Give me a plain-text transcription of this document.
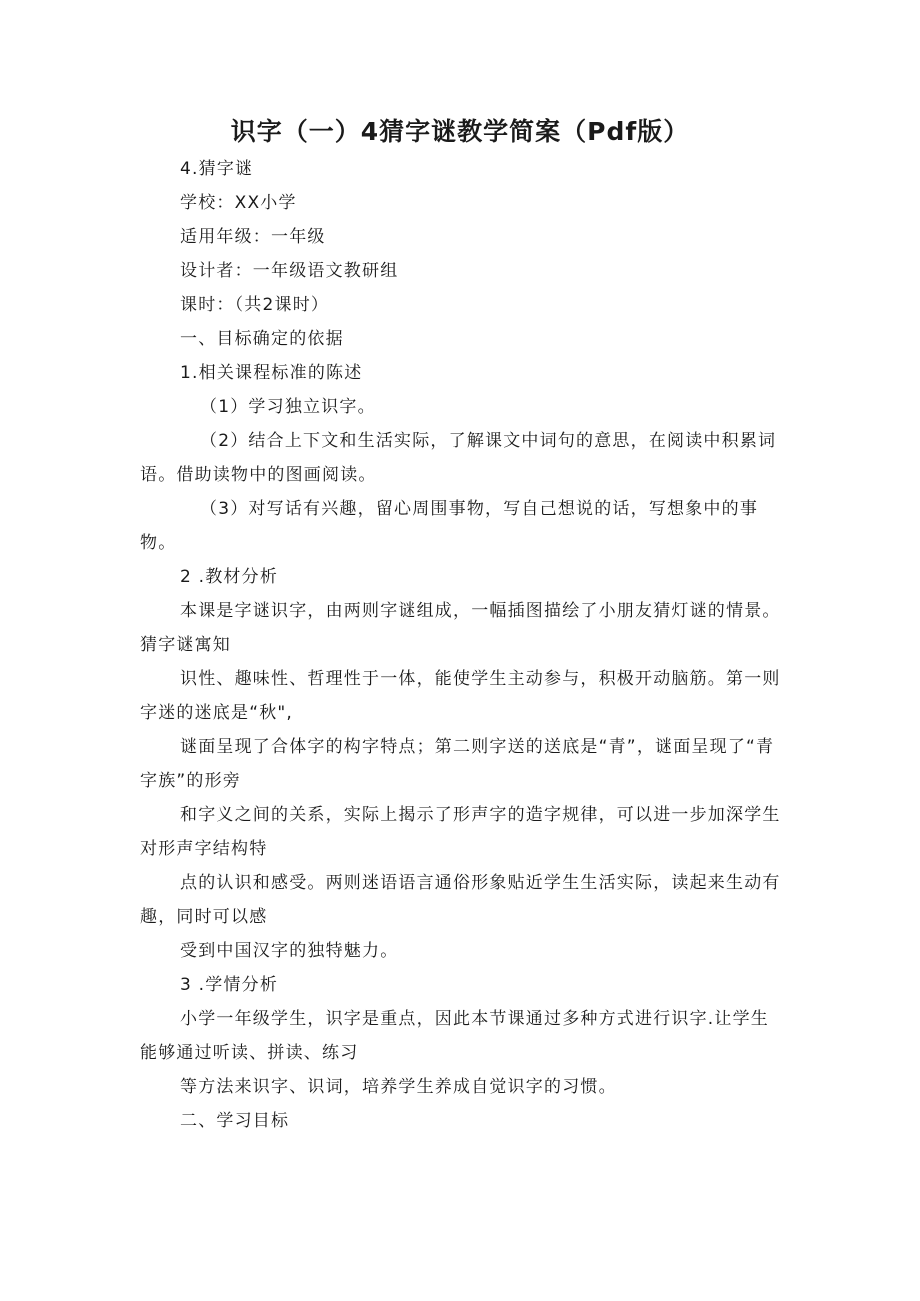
识字（一）4猜字谜教学简案（Pdf版）

4.猜字谜

学校：XX小学

适用年级：一年级

设计者：一年级语文教研组

课时：（共2课时）

一、目标确定的依据

1.相关课程标准的陈述

（1）学习独立识字。

（2）结合上下文和生活实际，了解课文中词句的意思，在阅读中积累词语。借助读物中的图画阅读。

（3）对写话有兴趣，留心周围事物，写自己想说的话，写想象中的事物。

2 .教材分析

本课是字谜识字，由两则字谜组成，一幅插图描绘了小朋友猜灯谜的情景。猜字谜寓知

识性、趣味性、哲理性于一体，能使学生主动参与，积极开动脑筋。第一则字迷的迷底是“秋",

谜面呈现了合体字的构字特点；第二则字送的送底是“青”，谜面呈现了“青字族”的形旁

和字义之间的关系，实际上揭示了形声字的造字规律，可以进一步加深学生对形声字结构特

点的认识和感受。两则迷语语言通俗形象贴近学生生活实际，读起来生动有趣，同时可以感

受到中国汉字的独特魅力。

3 .学情分析

小学一年级学生，识字是重点，因此本节课通过多种方式进行识字.让学生能够通过听读、拼读、练习

等方法来识字、识词，培养学生养成自觉识字的习惯。

二、学习目标
